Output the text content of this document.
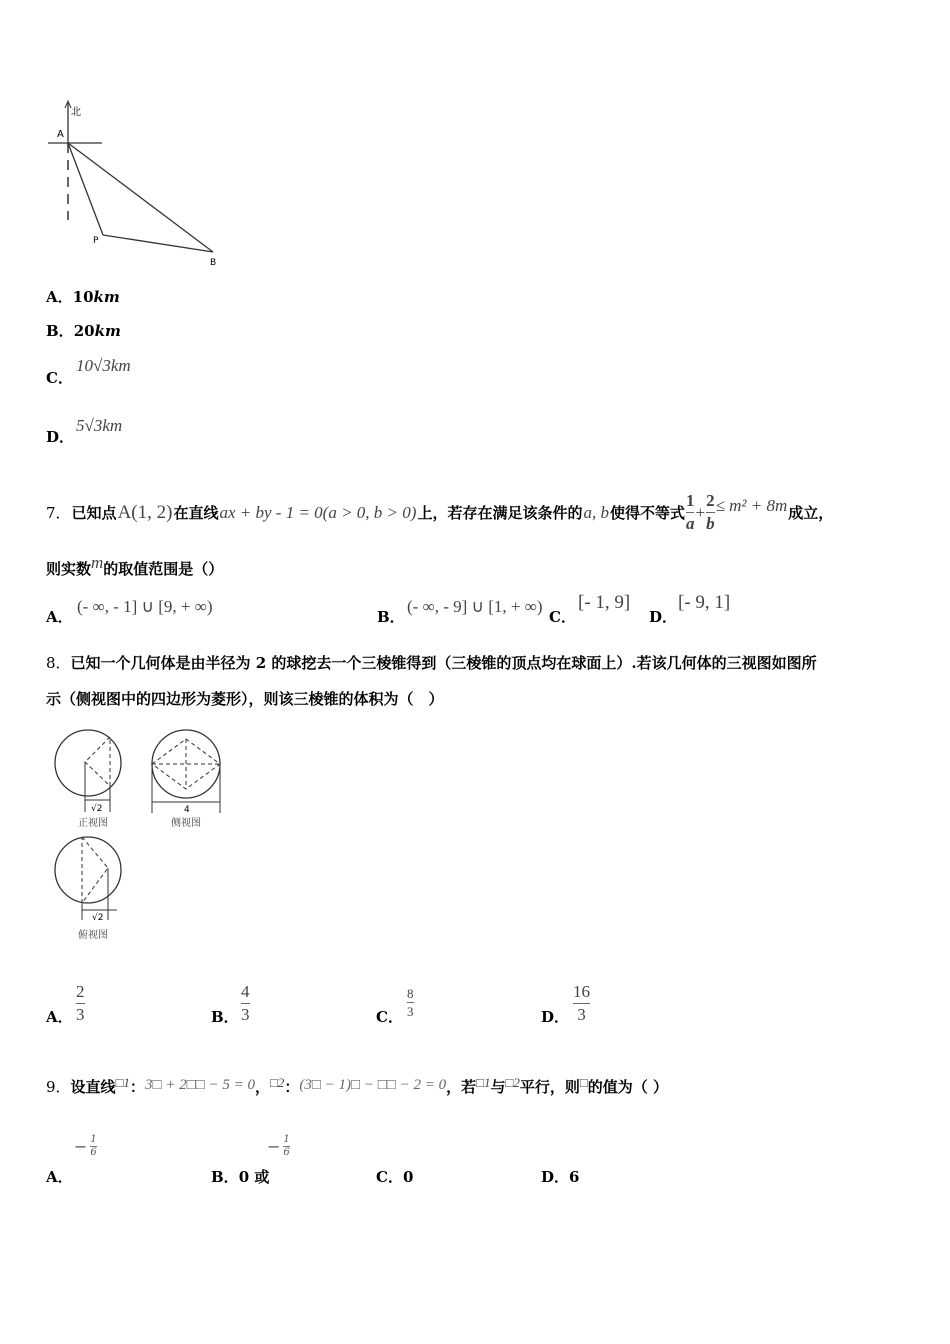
北
A
P
B
A．10km
B．20km
C．
10√3km
D．
5√3km
7． 已知点 A(1, 2) 在直线 ax + by - 1 = 0(a > 0, b > 0) 上，若存在满足该条件的 a, b 使得不等式 $\frac{1}{a} + \frac{2}{b} \le m^2 + 8m$ 成立，
则实数m的取值范围是（）
A．
(- ∞, - 1] ∪ [9, + ∞)
B．
(- ∞, - 9] ∪ [1, + ∞)
C．
[- 1, 9]
D．
[- 9, 1]
8．已知一个几何体是由半径为 2 的球挖去一个三棱锥得到（三棱锥的顶点均在球面上）.若该几何体的三视图如图所
示（侧视图中的四边形为菱形），则该三棱锥的体积为（　）
√2
正视图
4
侧视图
√2
俯视图
A．
2
3	B．
4
3	C．
8
3	D．
16
3
9．设直线□1：3□ + 2□□ − 5 = 0，□2：(3□ − 1)□ − □□ − 2 = 0，若□1与□2平行，则□的值为（ ）
− 1
6
A．
− 1
6
B．0 或	C．0	D．6
